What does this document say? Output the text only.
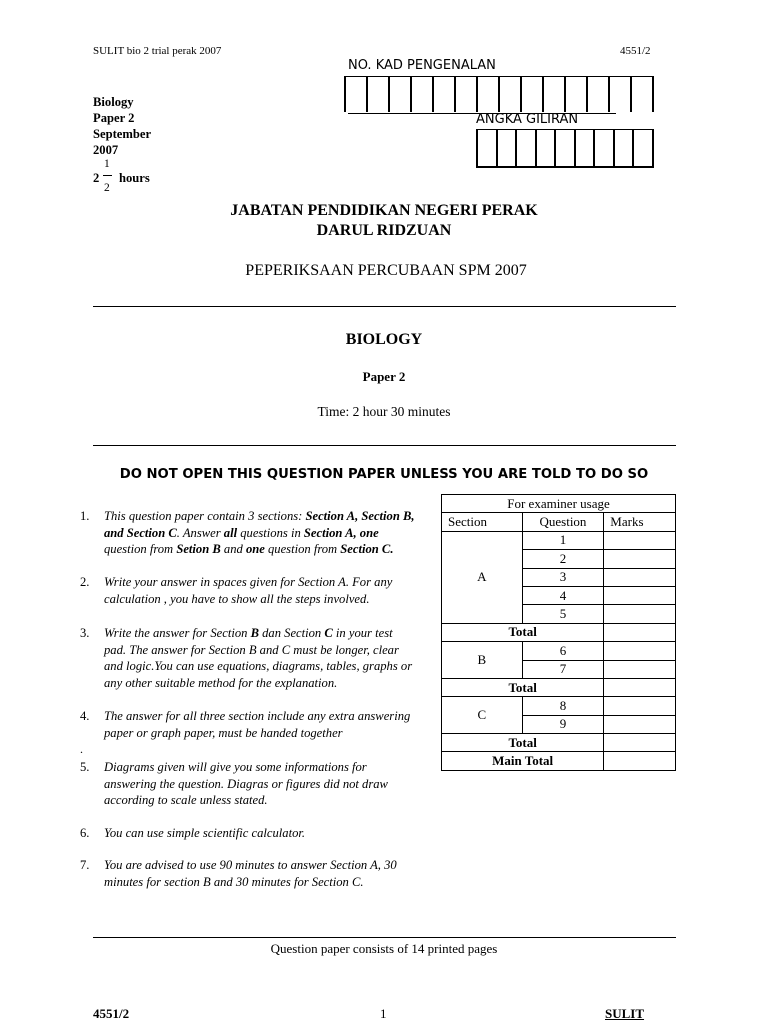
SULIT bio 2 trial perak 2007	4551/2
NO. KAD PENGENALAN
ANGKA GILIRAN
Biology
Paper 2
September
2007
2
1
2
hours
JABATAN PENDIDIKAN NEGERI PERAK
DARUL RIDZUAN
PEPERIKSAAN PERCUBAAN SPM 2007
BIOLOGY
Paper 2
Time: 2 hour 30 minutes
DO NOT OPEN THIS QUESTION PAPER UNLESS YOU ARE TOLD TO DO SO
1. This question paper contain 3 sections: Section A, Section B,
and Section C. Answer all questions in Section A, one
question from Setion B and one question from Section C.
2. Write your answer in spaces given for Section A. For any
calculation , you have to show all the steps involved.
3. Write the answer for Section B dan Section C in your test
pad. The answer for Section B and C must be longer, clear
and logic.You can use equations, diagrams, tables, graphs or
any other suitable method for the explanation.
4. The answer for all three section include any extra answering
paper or graph paper, must be handed together
.
5. Diagrams given will give you some informations for
answering the question. Diagras or figures did not draw
according to scale unless stated.
6. You can use simple scientific calculator.
7. You are advised to use 90 minutes to answer Section A, 30
minutes for section B and 30 minutes for Section C.
For examiner usage		
Section	Question	Marks
A	1	
	2	
	3	
	4	
	5	
Total		
B	6	
	7	
Total		
C	8	
	9	
Total		
Main Total		
Question paper consists of 14 printed pages
4551/2	1	SULIT
